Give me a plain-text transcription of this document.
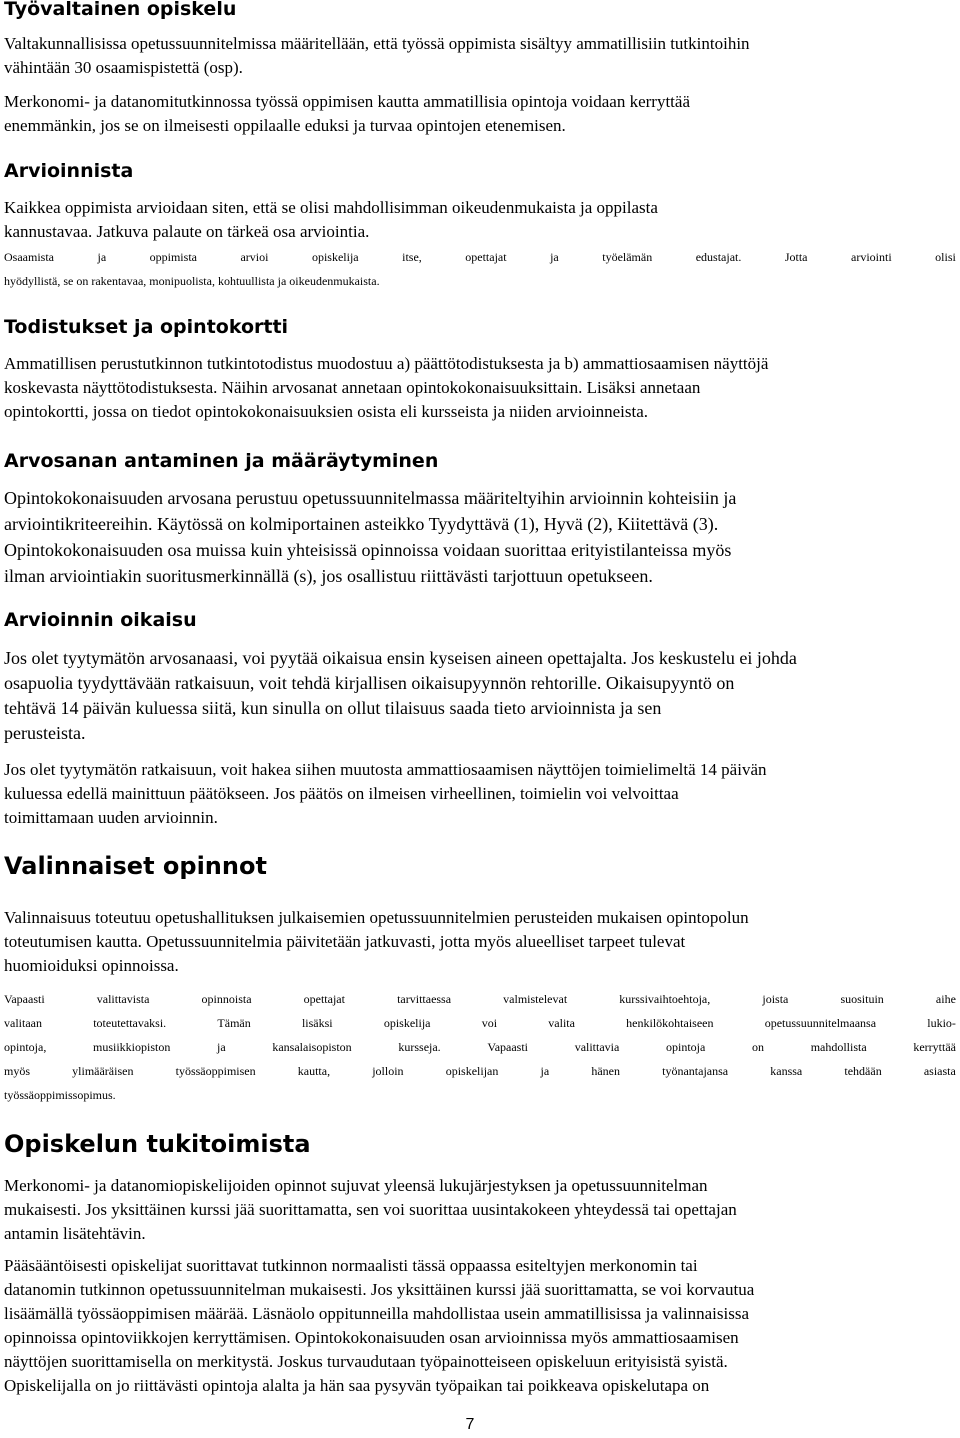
Työvaltainen opiskelu

Valtakunnallisissa opetussuunnitelmissa määritellään, että työssä oppimista sisältyy ammatillisiin tutkintoihin
vähintään 30 osaamispistettä (osp).

Merkonomi- ja datanomitutkinnossa työssä oppimisen kautta ammatillisia opintoja voidaan kerryttää
enemmänkin, jos se on ilmeisesti oppilaalle eduksi ja turvaa opintojen etenemisen.

Arvioinnista

Kaikkea oppimista arvioidaan siten, että se olisi mahdollisimman oikeudenmukaista ja oppilasta
kannustavaa. Jatkuva palaute on tärkeä osa arviointia.

Osaamista	ja	oppimista	arvioi	opiskelija	itse,	opettajat	ja	työelämän	edustajat.	Jotta	arviointi	olisi
hyödyllistä, se on rakentavaa, monipuolista, kohtuullista ja oikeudenmukaista.

Todistukset ja opintokortti

Ammatillisen perustutkinnon tutkintotodistus muodostuu a) päättötodistuksesta ja b) ammattiosaamisen näyttöjä
koskevasta näyttötodistuksesta. Näihin arvosanat annetaan opintokokonaisuuksittain. Lisäksi annetaan
opintokortti, jossa on tiedot opintokokonaisuuksien osista eli kursseista ja niiden arvioinneista.

Arvosanan antaminen ja määräytyminen

Opintokokonaisuuden arvosana perustuu opetussuunnitelmassa määriteltyihin arvioinnin kohteisiin ja
arviointikriteereihin. Käytössä on kolmiportainen asteikko Tyydyttävä (1), Hyvä (2), Kiitettävä (3).
Opintokokonaisuuden osa muissa kuin yhteisissä opinnoissa voidaan suorittaa erityistilanteissa myös
ilman arviointiakin suoritusmerkinnällä (s), jos osallistuu riittävästi tarjottuun opetukseen.

Arvioinnin oikaisu

Jos olet tyytymätön arvosanaasi, voi pyytää oikaisua ensin kyseisen aineen opettajalta. Jos keskustelu ei johda
osapuolia tyydyttävään ratkaisuun, voit tehdä kirjallisen oikaisupyynnön rehtorille. Oikaisupyyntö on
tehtävä 14 päivän kuluessa siitä, kun sinulla on ollut tilaisuus saada tieto arvioinnista ja sen
perusteista.

Jos olet tyytymätön ratkaisuun, voit hakea siihen muutosta ammattiosaamisen näyttöjen toimielimeltä 14 päivän
kuluessa edellä mainittuun päätökseen. Jos päätös on ilmeisen virheellinen, toimielin voi velvoittaa
toimittamaan uuden arvioinnin.

Valinnaiset opinnot

Valinnaisuus toteutuu opetushallituksen julkaisemien opetussuunnitelmien perusteiden mukaisen opintopolun
toteutumisen kautta. Opetussuunnitelmia päivitetään jatkuvasti, jotta myös alueelliset tarpeet tulevat
huomioiduksi opinnoissa.

Vapaasti	valittavista	opinnoista	opettajat	tarvittaessa	valmistelevat	kurssivaihtoehtoja,	joista	suosituin	aihe
valitaan	toteutettavaksi.	Tämän	lisäksi	opiskelija	voi	valita	henkilökohtaiseen	opetussuunnitelmaansa	lukio-
opintoja,	musiikkiopiston	ja	kansalaisopiston	kursseja.	Vapaasti	valittavia	opintoja	on	mahdollista	kerryttää
myös	ylimääräisen	työssäoppimisen	kautta,	jolloin	opiskelijan	ja	hänen	työnantajansa	kanssa	tehdään	asiasta
työssäoppimissopimus.

Opiskelun tukitoimista

Merkonomi- ja datanomiopiskelijoiden opinnot sujuvat yleensä lukujärjestyksen ja opetussuunnitelman
mukaisesti. Jos yksittäinen kurssi jää suorittamatta, sen voi suorittaa uusintakokeen yhteydessä tai opettajan
antamin lisätehtävin.

Pääsääntöisesti opiskelijat suorittavat tutkinnon normaalisti tässä oppaassa esiteltyjen merkonomin tai
datanomin tutkinnon opetussuunnitelman mukaisesti. Jos yksittäinen kurssi jää suorittamatta, se voi korvautua
lisäämällä työssäoppimisen määrää. Läsnäolo oppitunneilla mahdollistaa usein ammatillisissa ja valinnaisissa
opinnoissa opintoviikkojen kerryttämisen. Opintokokonaisuuden osan arvioinnissa myös ammattiosaamisen
näyttöjen suorittamisella on merkitystä. Joskus turvaudutaan työpainotteiseen opiskeluun erityisistä syistä.
Opiskelijalla on jo riittävästi opintoja alalta ja hän saa pysyvän työpaikan tai poikkeava opiskelutapa on

7
